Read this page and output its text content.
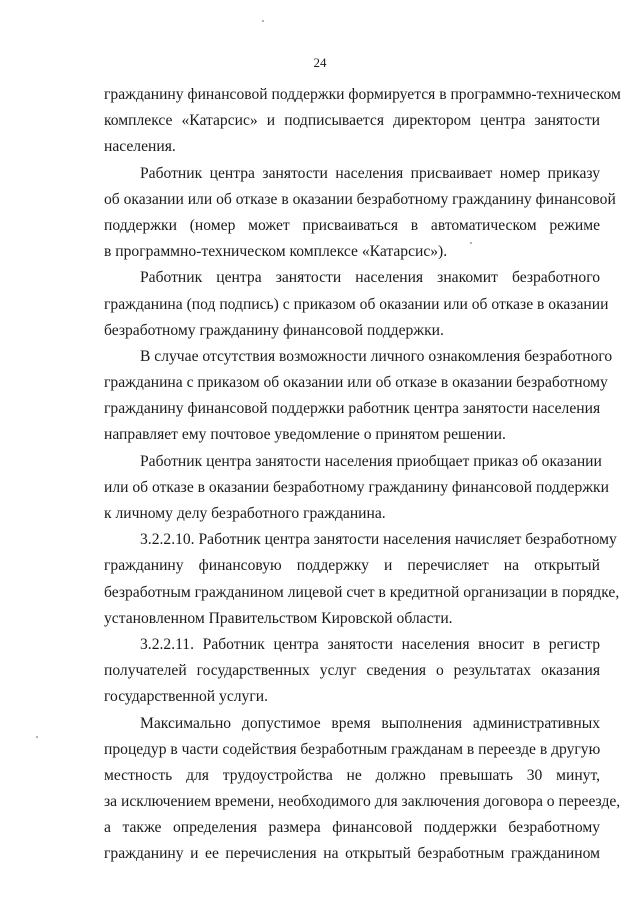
24

гражданину финансовой поддержки формируется в программно-техническом
комплексе «Катарсис» и подписывается директором центра занятости
населения.

Работник центра занятости населения присваивает номер приказу
об оказании или об отказе в оказании безработному гражданину финансовой
поддержки (номер может присваиваться в автоматическом режиме
в программно-техническом комплексе «Катарсис»).

Работник центра занятости населения знакомит безработного
гражданина (под подпись) с приказом об оказании или об отказе в оказании
безработному гражданину финансовой поддержки.

В случае отсутствия возможности личного ознакомления безработного
гражданина с приказом об оказании или об отказе в оказании безработному
гражданину финансовой поддержки работник центра занятости населения
направляет ему почтовое уведомление о принятом решении.

Работник центра занятости населения приобщает приказ об оказании
или об отказе в оказании безработному гражданину финансовой поддержки
к личному делу безработного гражданина.

3.2.2.10. Работник центра занятости населения начисляет безработному
гражданину финансовую поддержку и перечисляет на открытый
безработным гражданином лицевой счет в кредитной организации в порядке,
установленном Правительством Кировской области.

3.2.2.11. Работник центра занятости населения вносит в регистр
получателей государственных услуг сведения о результатах оказания
государственной услуги.

Максимально допустимое время выполнения административных
процедур в части содействия безработным гражданам в переезде в другую
местность для трудоустройства не должно превышать 30 минут,
за исключением времени, необходимого для заключения договора о переезде,
а также определения размера финансовой поддержки безработному
гражданину и ее перечисления на открытый безработным гражданином
